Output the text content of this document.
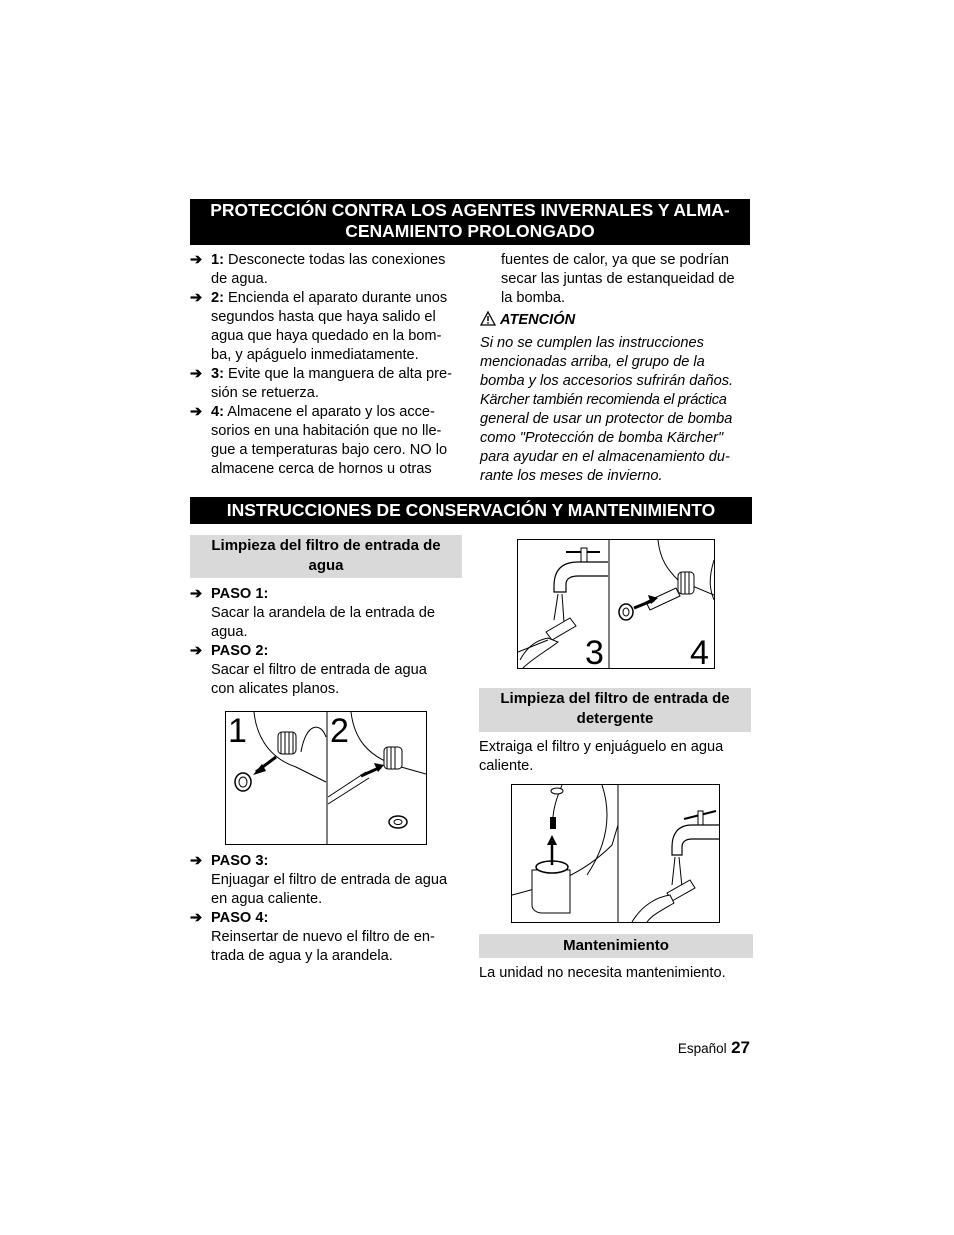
PROTECCIÓN CONTRA LOS AGENTES INVERNALES Y ALMA-
CENAMIENTO PROLONGADO
➔ 1: Desconecte todas las conexiones
de agua.
➔ 2: Encienda el aparato durante unos
segundos hasta que haya salido el
agua que haya quedado en la bom-
ba, y apáguelo inmediatamente.
➔ 3: Evite que la manguera de alta pre-
sión se retuerza.
➔ 4: Almacene el aparato y los acce-
sorios en una habitación que no lle-
gue a temperaturas bajo cero. NO lo
almacene cerca de hornos u otras
fuentes de calor, ya que se podrían
secar las juntas de estanqueidad de
la bomba.
ATENCIÓN
Si no se cumplen las instrucciones
mencionadas arriba, el grupo de la
bomba y los accesorios sufrirán daños.
Kärcher también recomienda el práctica
general de usar un protector de bomba
como "Protección de bomba Kärcher"
para ayudar en el almacenamiento du-
rante los meses de invierno.
INSTRUCCIONES DE CONSERVACIÓN Y MANTENIMIENTO
Limpieza del filtro de entrada de
agua
➔ PASO 1:
Sacar la arandela de la entrada de
agua.
➔ PASO 2:
Sacar el filtro de entrada de agua
con alicates planos.
1 2
➔ PASO 3:
Enjuagar el filtro de entrada de agua
en agua caliente.
➔ PASO 4:
Reinsertar de nuevo el filtro de en-
trada de agua y la arandela.
3	4
Limpieza del filtro de entrada de
detergente
Extraiga el filtro y enjuáguelo en agua
caliente.
Mantenimiento
La unidad no necesita mantenimiento.
Español 27
